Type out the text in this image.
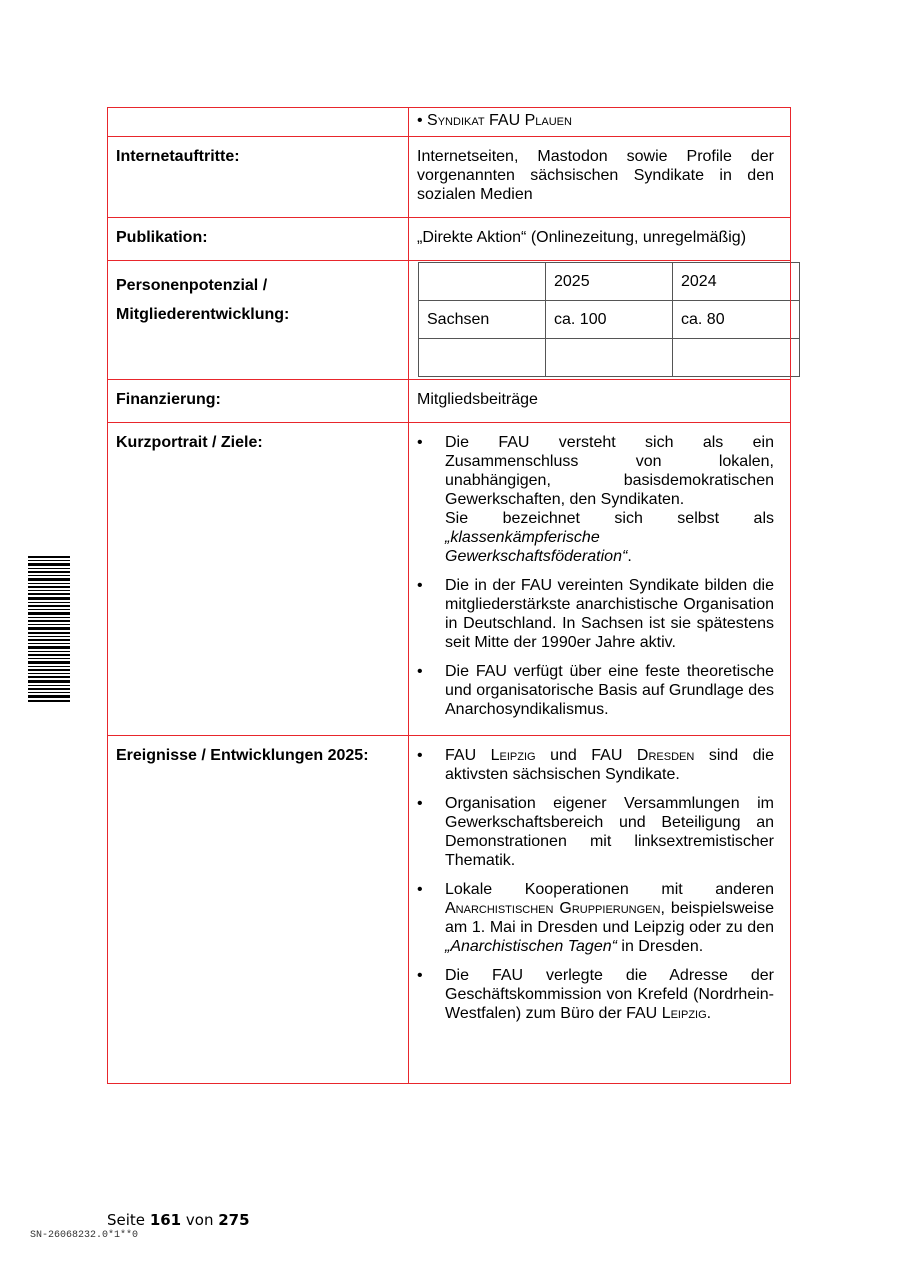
	• Syndikat FAU Plauen
Internetauftritte:	Internetseiten, Mastodon sowie Profile der vorgenannten sächsischen Syndikate in den sozialen Medien
Publikation:	„Direkte Aktion“ (Onlinezeitung, unregelmäßig)

Personenpotenzial /
Mitgliederentwicklung:

	2025	2024
Sachsen	ca. 100	ca. 80

Finanzierung:	Mitgliedsbeiträge
Kurzportrait / Ziele:	
•Die FAU versteht sich als ein Zusammenschluss von lokalen, unabhängigen, basisdemokratischen Gewerkschaften, den Syndikaten.
Sie bezeichnet sich selbst als „klassenkämpferische Gewerkschaftsföderation“.
• Die in der FAU vereinten Syndikate bilden die mitgliederstärkste anarchistische Organisation in Deutschland. In Sachsen ist sie spätestens seit Mitte der 1990er Jahre aktiv.
• Die FAU verfügt über eine feste theoretische und organisatorische Basis auf Grundlage des Anarchosyndikalismus.

Ereignisse / Entwicklungen 2025:	
•FAU Leipzig und FAU Dresden sind die aktivsten sächsischen Syndikate.
• Organisation eigener Versammlungen im Gewerkschaftsbereich und Beteiligung an Demonstrationen mit linksextremistischer Thematik.
• Lokale Kooperationen mit anderen Anarchistischen Gruppierungen, beispielsweise am 1. Mai in Dresden und Leipzig oder zu den „Anarchistischen Tagen“ in Dresden.
• Die FAU verlegte die Adresse der Geschäftskommission von Krefeld (Nordrhein-Westfalen) zum Büro der FAU Leipzig.
Seite 161 von 275
SN-26068232.0*1**0
